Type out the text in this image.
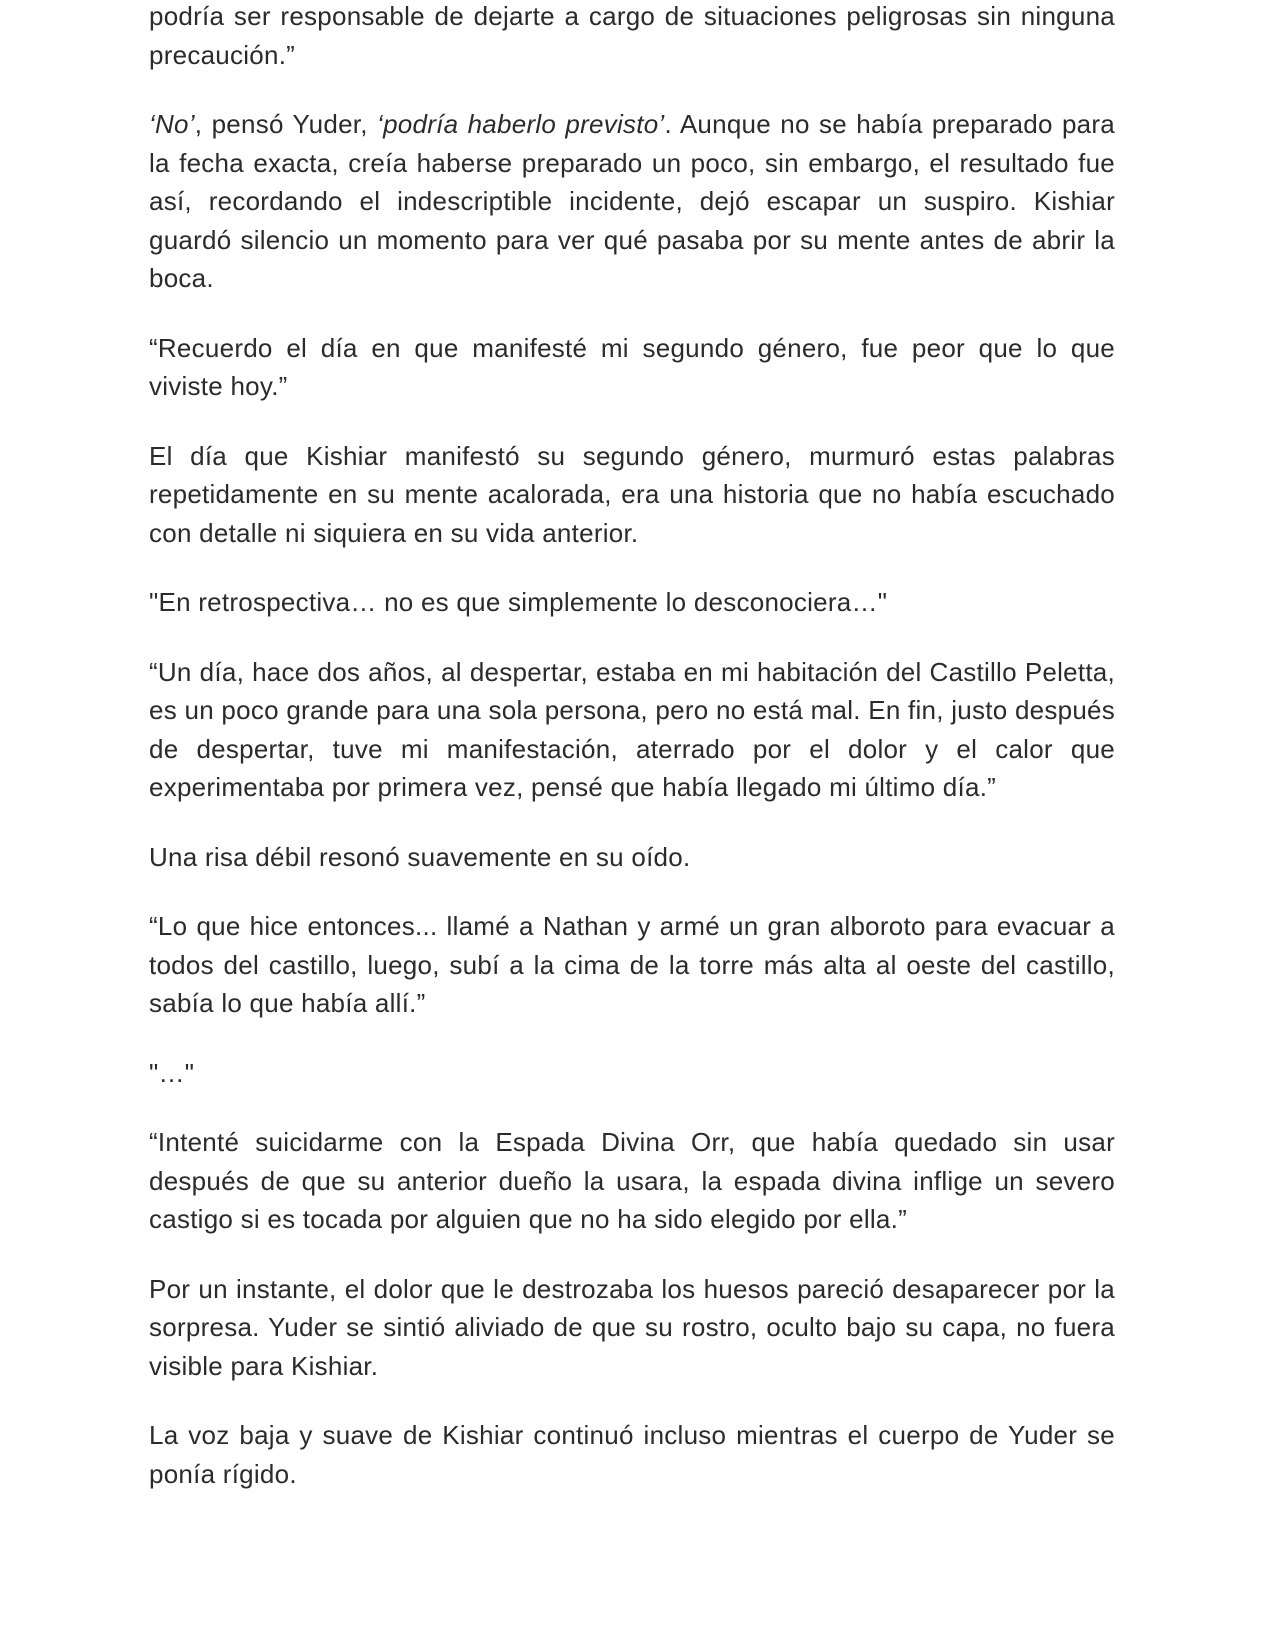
podría ser responsable de dejarte a cargo de situaciones peligrosas sin ninguna precaución.”

‘No’, pensó Yuder, ‘podría haberlo previsto’. Aunque no se había preparado para la fecha exacta, creía haberse preparado un poco, sin embargo, el resultado fue así, recordando el indescriptible incidente, dejó escapar un suspiro. Kishiar guardó silencio un momento para ver qué pasaba por su mente antes de abrir la boca.

“Recuerdo el día en que manifesté mi segundo género, fue peor que lo que viviste hoy.”

El día que Kishiar manifestó su segundo género, murmuró estas palabras repetidamente en su mente acalorada, era una historia que no había escuchado con detalle ni siquiera en su vida anterior.

"En retrospectiva… no es que simplemente lo desconociera…"

“Un día, hace dos años, al despertar, estaba en mi habitación del Castillo Peletta, es un poco grande para una sola persona, pero no está mal. En fin, justo después de despertar, tuve mi manifestación, aterrado por el dolor y el calor que experimentaba por primera vez, pensé que había llegado mi último día.”

Una risa débil resonó suavemente en su oído.

“Lo que hice entonces... llamé a Nathan y armé un gran alboroto para evacuar a todos del castillo, luego, subí a la cima de la torre más alta al oeste del castillo, sabía lo que había allí.”

"…"

“Intenté suicidarme con la Espada Divina Orr, que había quedado sin usar después de que su anterior dueño la usara, la espada divina inflige un severo castigo si es tocada por alguien que no ha sido elegido por ella.”

Por un instante, el dolor que le destrozaba los huesos pareció desaparecer por la sorpresa. Yuder se sintió aliviado de que su rostro, oculto bajo su capa, no fuera visible para Kishiar.

La voz baja y suave de Kishiar continuó incluso mientras el cuerpo de Yuder se ponía rígido.
